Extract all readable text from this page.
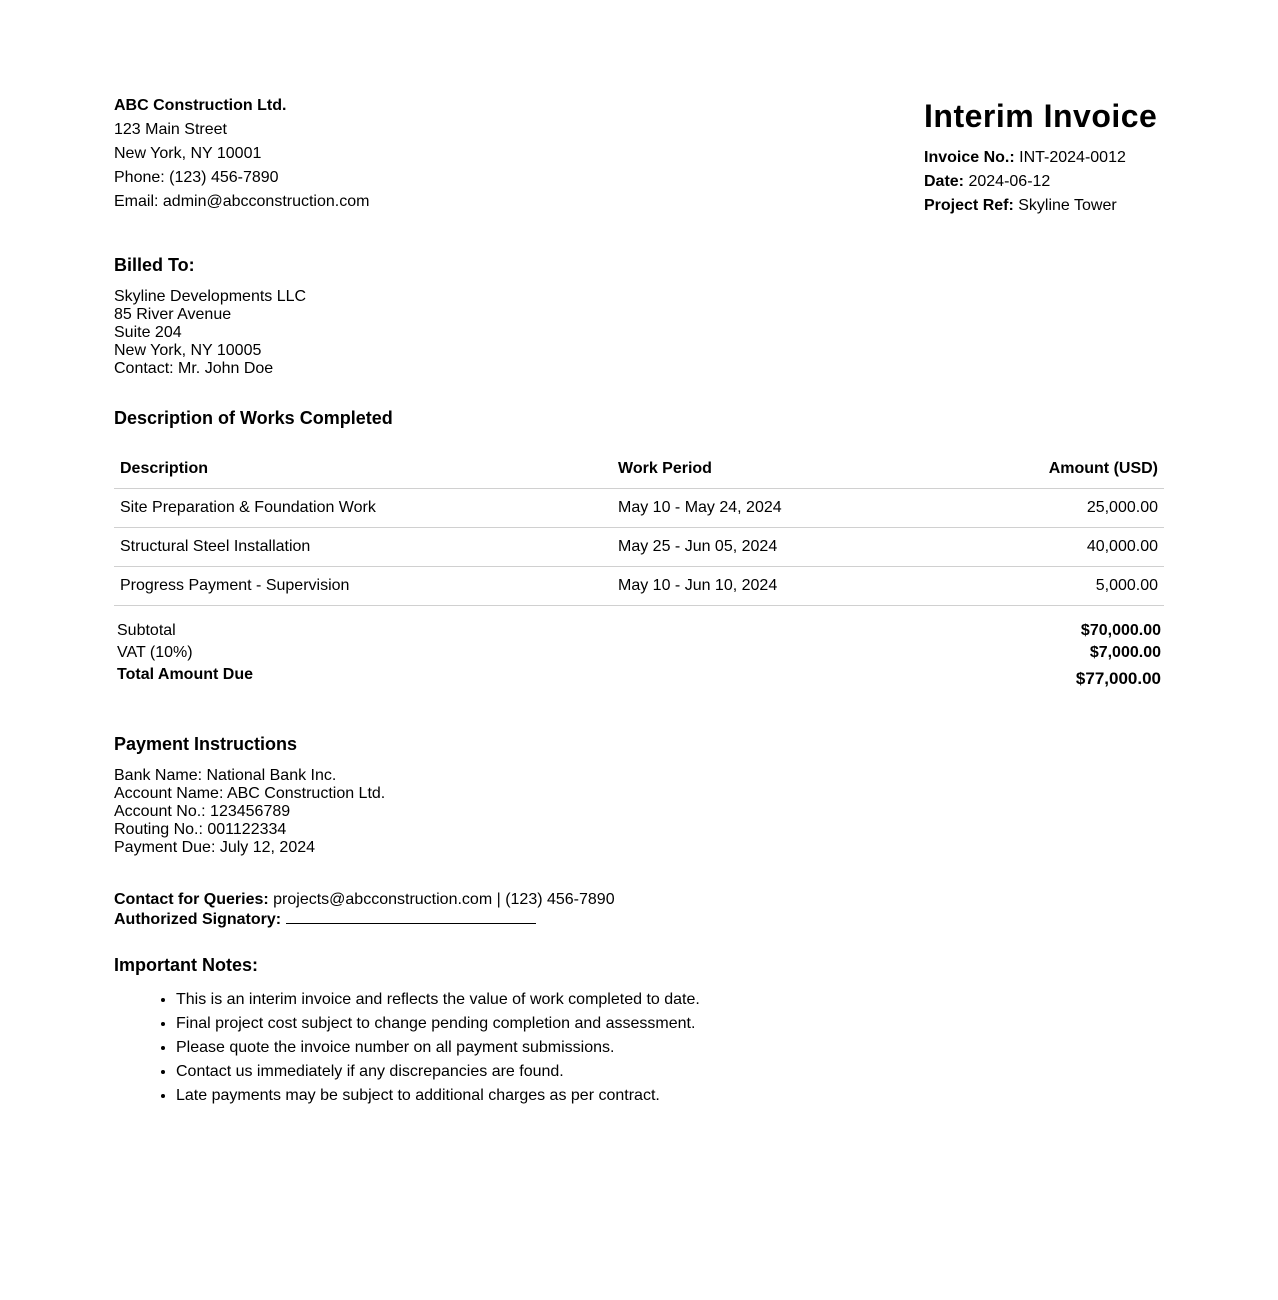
ABC Construction Ltd.
123 Main Street
New York, NY 10001
Phone: (123) 456-7890
Email: admin@abcconstruction.com
Interim Invoice
Invoice No.: INT-2024-0012
Date: 2024-06-12
Project Ref: Skyline Tower
Billed To:
Skyline Developments LLC
85 River Avenue
Suite 204
New York, NY 10005
Contact: Mr. John Doe
Description of Works Completed
Description	Work Period	Amount (USD)
Site Preparation & Foundation Work	May 10 - May 24, 2024	25,000.00
Structural Steel Installation	May 25 - Jun 05, 2024	40,000.00
Progress Payment - Supervision	May 10 - Jun 10, 2024	5,000.00
Subtotal	$70,000.00
VAT (10%)	$7,000.00
Total Amount Due	$77,000.00
Payment Instructions
Bank Name: National Bank Inc.
Account Name: ABC Construction Ltd.
Account No.: 123456789
Routing No.: 001122334
Payment Due: July 12, 2024
Contact for Queries: projects@abcconstruction.com | (123) 456-7890
Authorized Signatory:
Important Notes:
• This is an interim invoice and reflects the value of work completed to date.
• Final project cost subject to change pending completion and assessment.
• Please quote the invoice number on all payment submissions.
• Contact us immediately if any discrepancies are found.
• Late payments may be subject to additional charges as per contract.
